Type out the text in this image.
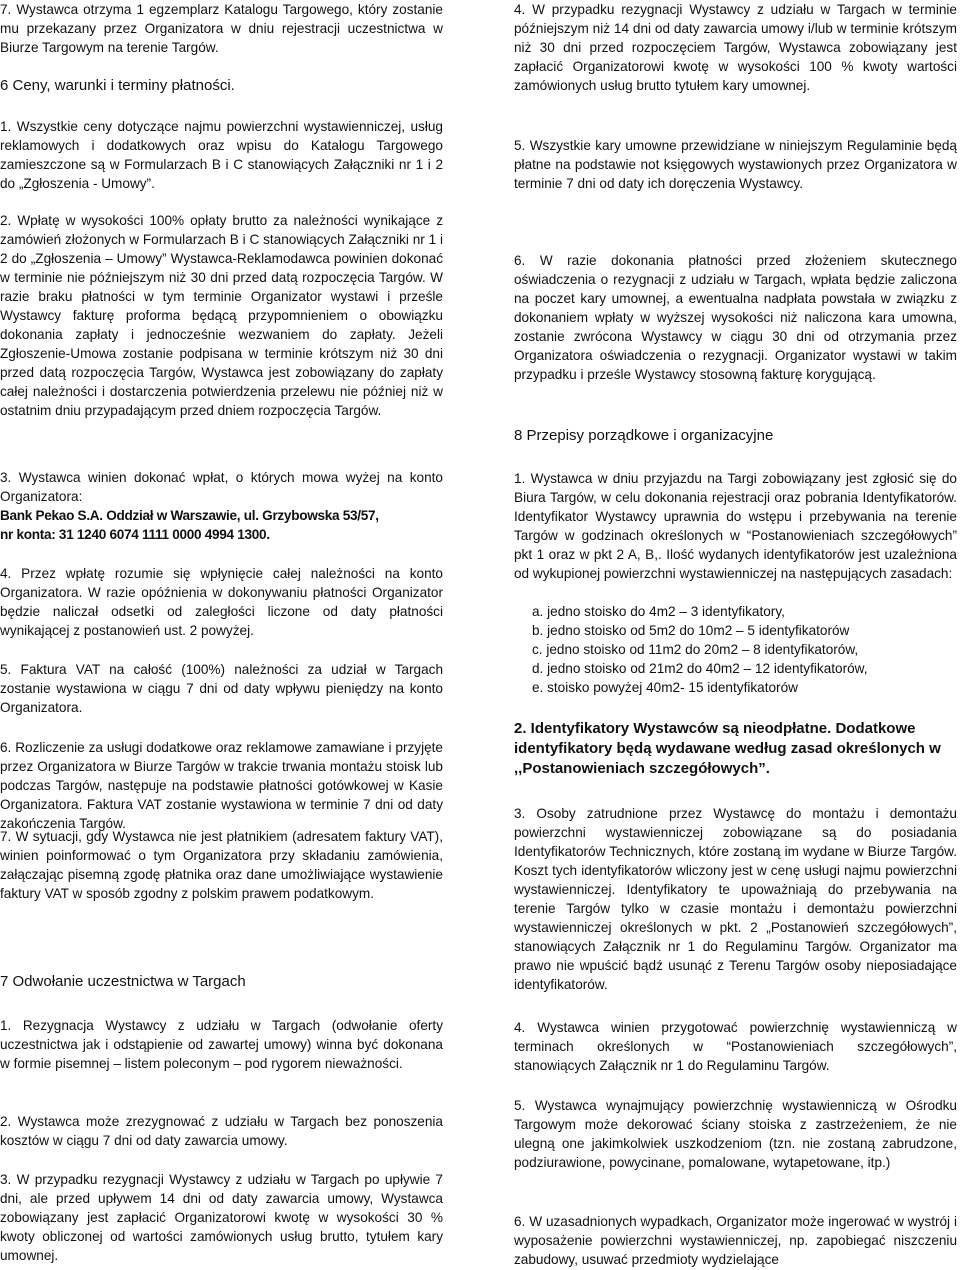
7. Wystawca otrzyma 1 egzemplarz Katalogu Targowego, który zostanie mu przekazany przez Organizatora w dniu rejestracji uczestnictwa w Biurze Targowym na terenie Targów.
6 Ceny, warunki i terminy płatności.
1. Wszystkie ceny dotyczące najmu powierzchni wystawienniczej, usług reklamowych i dodatkowych oraz wpisu do Katalogu Targowego zamieszczone są w Formularzach B i C stanowiących Załączniki nr 1 i 2 do „Zgłoszenia - Umowy”.
2. Wpłatę w wysokości 100% opłaty brutto za należności wynikające z zamówień złożonych w Formularzach B i C stanowiących Załączniki nr 1 i 2 do „Zgłoszenia – Umowy” Wystawca-Reklamodawca powinien dokonać w terminie nie późniejszym niż 30 dni przed datą rozpoczęcia Targów. W razie braku płatności w tym terminie Organizator wystawi i prześle Wystawcy fakturę proforma będącą przypomnieniem o obowiązku dokonania zapłaty i jednocześnie wezwaniem do zapłaty. Jeżeli Zgłoszenie-Umowa zostanie podpisana w terminie krótszym niż 30 dni przed datą rozpoczęcia Targów, Wystawca jest zobowiązany do zapłaty całej należności i dostarczenia potwierdzenia przelewu nie później niż w ostatnim dniu przypadającym przed dniem rozpoczęcia Targów.
3. Wystawca winien dokonać wpłat, o których mowa wyżej na konto Organizatora:
Bank Pekao S.A. Oddział w Warszawie, ul. Grzybowska 53/57,
nr konta: 31 1240 6074 1111 0000 4994 1300.
4. Przez wpłatę rozumie się wpłynięcie całej należności na konto Organizatora. W razie opóźnienia w dokonywaniu płatności Organizator będzie naliczał odsetki od zaległości liczone od daty płatności wynikającej z postanowień ust. 2 powyżej.
5. Faktura VAT na całość (100%) należności za udział w Targach zostanie wystawiona w ciągu 7 dni od daty wpływu pieniędzy na konto Organizatora.
6. Rozliczenie za usługi dodatkowe oraz reklamowe zamawiane i przyjęte przez Organizatora w Biurze Targów w trakcie trwania montażu stoisk lub podczas Targów, następuje na podstawie płatności gotówkowej w Kasie Organizatora. Faktura VAT zostanie wystawiona w terminie 7 dni od daty zakończenia Targów.
7. W sytuacji, gdy Wystawca nie jest płatnikiem (adresatem faktury VAT), winien poinformować o tym Organizatora przy składaniu zamówienia, załączając pisemną zgodę płatnika oraz dane umożliwiające wystawienie faktury VAT w sposób zgodny z polskim prawem podatkowym.
7 Odwołanie uczestnictwa w Targach
1. Rezygnacja Wystawcy z udziału w Targach (odwołanie oferty uczestnictwa jak i odstąpienie od zawartej umowy) winna być dokonana w formie pisemnej – listem poleconym – pod rygorem nieważności.
2. Wystawca może zrezygnować z udziału w Targach bez ponoszenia kosztów w ciągu 7 dni od daty zawarcia umowy.
3. W przypadku rezygnacji Wystawcy z udziału w Targach po upływie 7 dni, ale przed upływem 14 dni od daty zawarcia umowy, Wystawca zobowiązany jest zapłacić Organizatorowi kwotę w wysokości 30 % kwoty obliczonej od wartości zamówionych usług brutto, tytułem kary umownej.
4. W przypadku rezygnacji Wystawcy z udziału w Targach w terminie późniejszym niż 14 dni od daty zawarcia umowy i/lub w terminie krótszym niż 30 dni przed rozpoczęciem Targów, Wystawca zobowiązany jest zapłacić Organizatorowi kwotę w wysokości 100 % kwoty wartości zamówionych usług brutto tytułem kary umownej.
5. Wszystkie kary umowne przewidziane w niniejszym Regulaminie będą płatne na podstawie not księgowych wystawionych przez Organizatora w terminie 7 dni od daty ich doręczenia Wystawcy.
6. W razie dokonania płatności przed złożeniem skutecznego oświadczenia o rezygnacji z udziału w Targach, wpłata będzie zaliczona na poczet kary umownej, a ewentualna nadpłata powstała w związku z dokonaniem wpłaty w wyższej wysokości niż naliczona kara umowna, zostanie zwrócona Wystawcy w ciągu 30 dni od otrzymania przez Organizatora oświadczenia o rezygnacji. Organizator wystawi w takim przypadku i prześle Wystawcy stosowną fakturę korygującą.
8 Przepisy porządkowe i organizacyjne
1. Wystawca w dniu przyjazdu na Targi zobowiązany jest zgłosić się do Biura Targów, w celu dokonania rejestracji oraz pobrania Identyfikatorów. Identyfikator Wystawcy uprawnia do wstępu i przebywania na terenie Targów w godzinach określonych w “Postanowieniach szczegółowych” pkt 1 oraz w pkt 2 A, B,. Ilość wydanych identyfikatorów jest uzależniona od wykupionej powierzchni wystawienniczej na następujących zasadach:
a. jedno stoisko do 4m2 – 3 identyfikatory,
b. jedno stoisko od 5m2 do 10m2 – 5 identyfikatorów
c. jedno stoisko od 11m2 do 20m2 – 8 identyfikatorów,
d. jedno stoisko od 21m2 do 40m2 – 12 identyfikatorów,
e. stoisko powyżej 40m2- 15 identyfikatorów
2. Identyfikatory Wystawców są nieodpłatne. Dodatkowe identyfikatory będą wydawane według zasad określonych w ,,Postanowieniach szczegółowych”.
3. Osoby zatrudnione przez Wystawcę do montażu i demontażu powierzchni wystawienniczej zobowiązane są do posiadania Identyfikatorów Technicznych, które zostaną im wydane w Biurze Targów. Koszt tych identyfikatorów wliczony jest w cenę usługi najmu powierzchni wystawienniczej. Identyfikatory te upoważniają do przebywania na terenie Targów tylko w czasie montażu i demontażu powierzchni wystawienniczej określonych w pkt. 2 „Postanowień szczegółowych”, stanowiących Załącznik nr 1 do Regulaminu Targów. Organizator ma prawo nie wpuścić bądź usunąć z Terenu Targów osoby nieposiadające identyfikatorów.
4. Wystawca winien przygotować powierzchnię wystawienniczą w terminach określonych w “Postanowieniach szczegółowych”, stanowiących Załącznik nr 1 do Regulaminu Targów.
5. Wystawca wynajmujący powierzchnię wystawienniczą w Ośrodku Targowym może dekorować ściany stoiska z zastrzeżeniem, że nie ulegną one jakimkolwiek uszkodzeniom (tzn. nie zostaną zabrudzone, podziurawione, powycinane, pomalowane, wytapetowane, itp.)
6. W uzasadnionych wypadkach, Organizator może ingerować w wystrój i wyposażenie powierzchni wystawienniczej, np. zapobiegać niszczeniu zabudowy, usuwać przedmioty wydzielające
